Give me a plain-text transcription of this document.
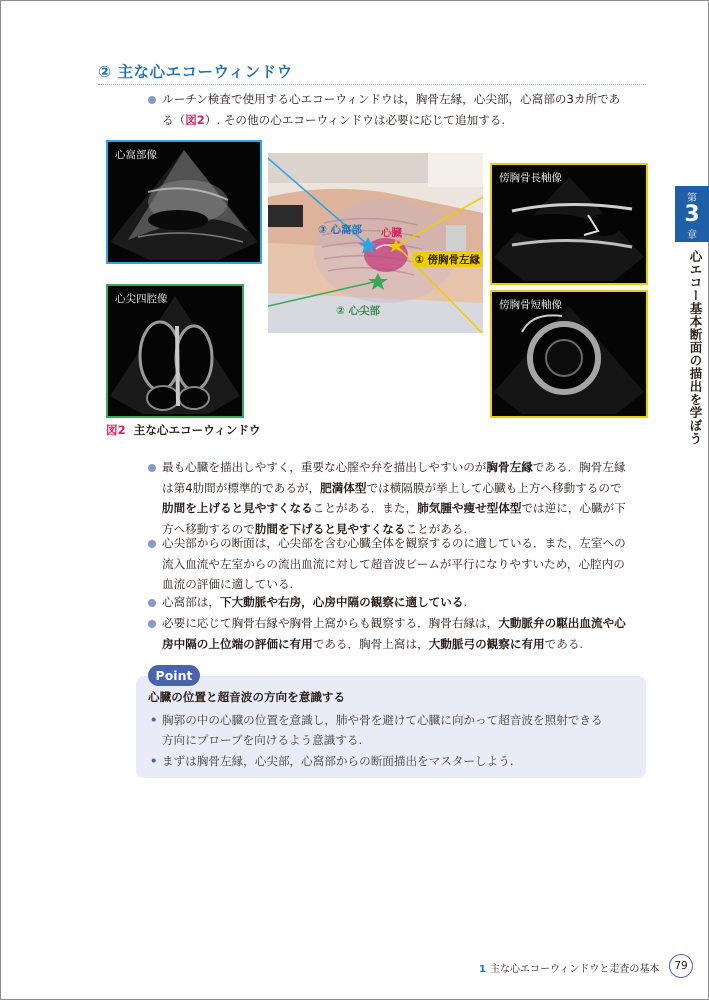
② 主な心エコーウィンドウ
ルーチン検査で使用する心エコーウィンドウは，胸骨左縁，心尖部，心窩部の3カ所であ
る（図2）. その他の心エコーウィンドウは必要に応じて追加する.
心窩部像
心尖四腔像
傍胸骨長軸像
傍胸骨短軸像
③ 心窩部 心臓
① 傍胸骨左縁
② 心尖部
図2 主な心エコーウィンドウ
第
3
章
心エコー基本断面の描出を学ぼう
最も心臓を描出しやすく，重要な心膣や弁を描出しやすいのが胸骨左縁である．胸骨左縁
は第4肋間が標準的であるが，肥満体型では横隔膜が挙上して心臓も上方へ移動するので
肋間を上げると見やすくなることがある．また，肺気腫や痩せ型体型では逆に，心臓が下
方へ移動するので肋間を下げると見やすくなることがある.
心尖部からの断面は，心尖部を含む心臓全体を観察するのに適している．また，左室への
流入血流や左室からの流出血流に対して超音波ビームが平行になりやすいため，心腔内の
血流の評価に適している.
心窩部は，下大動脈や右房，心房中隔の観察に適している.
必要に応じて胸骨右縁や胸骨上窩からも観察する．胸骨右縁は，大動脈弁の駆出血流や心
房中隔の上位端の評価に有用である．胸骨上窩は，大動脈弓の観察に有用である.
Point
心臓の位置と超音波の方向を意識する
• 胸郭の中の心臓の位置を意識し，肺や骨を避けて心臓に向かって超音波を照射できる
方向にプローブを向けるよう意識する.
• まずは胸骨左縁，心尖部，心窩部からの断面描出をマスターしよう.
1 主な心エコーウィンドウと走査の基本	79
